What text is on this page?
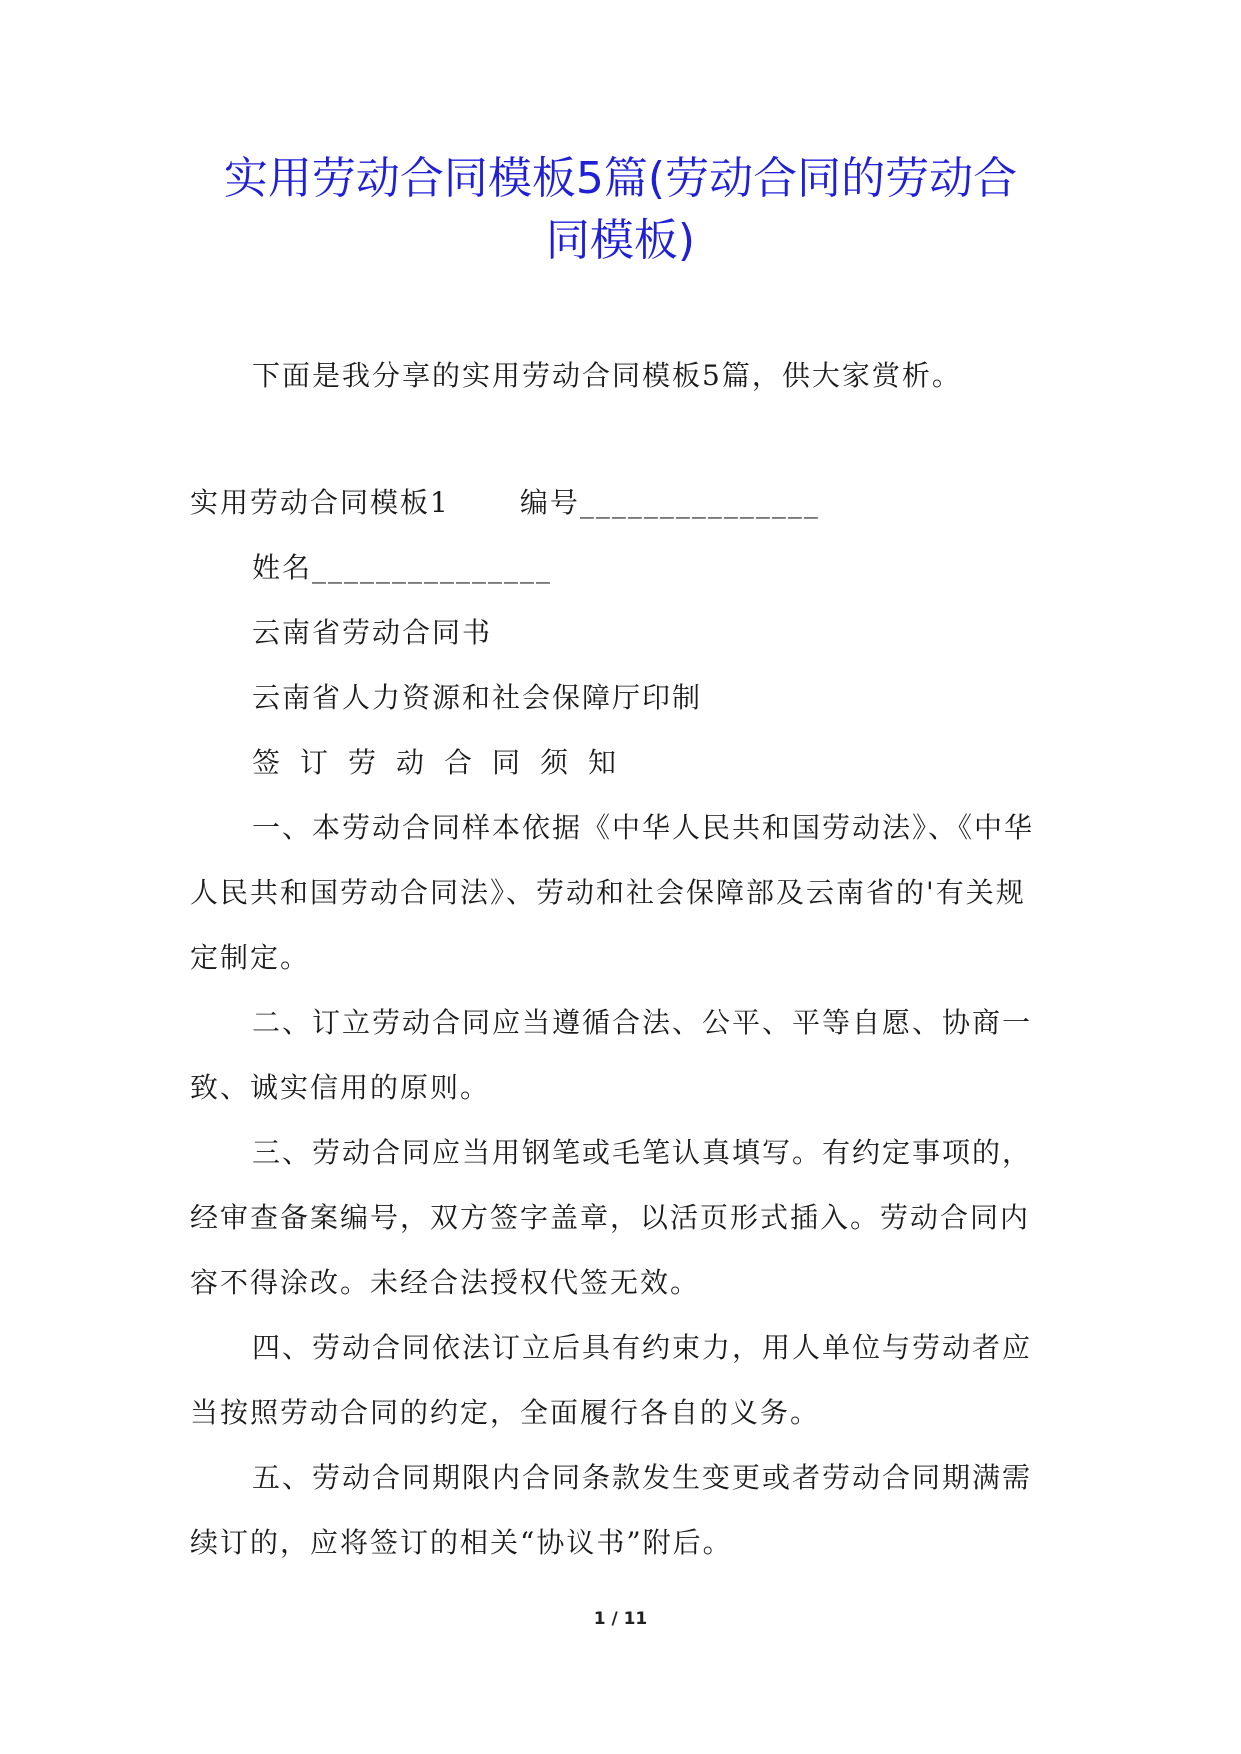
实用劳动合同模板5篇(劳动合同的劳动合
同模板)

下面是我分享的实用劳动合同模板5篇，供大家赏析。

实用劳动合同模板1	编号_______________

姓名_______________

云南省劳动合同书

云南省人力资源和社会保障厅印制

签订劳动合同须知

一、本劳动合同样本依据《中华人民共和国劳动法》、《中华

人民共和国劳动合同法》、劳动和社会保障部及云南省的'有关规

定制定。

二、订立劳动合同应当遵循合法、公平、平等自愿、协商一

致、诚实信用的原则。

三、劳动合同应当用钢笔或毛笔认真填写。有约定事项的，

经审查备案编号，双方签字盖章，以活页形式插入。劳动合同内

容不得涂改。未经合法授权代签无效。

四、劳动合同依法订立后具有约束力，用人单位与劳动者应

当按照劳动合同的约定，全面履行各自的义务。

五、劳动合同期限内合同条款发生变更或者劳动合同期满需

续订的，应将签订的相关“协议书”附后。

1 / 11
